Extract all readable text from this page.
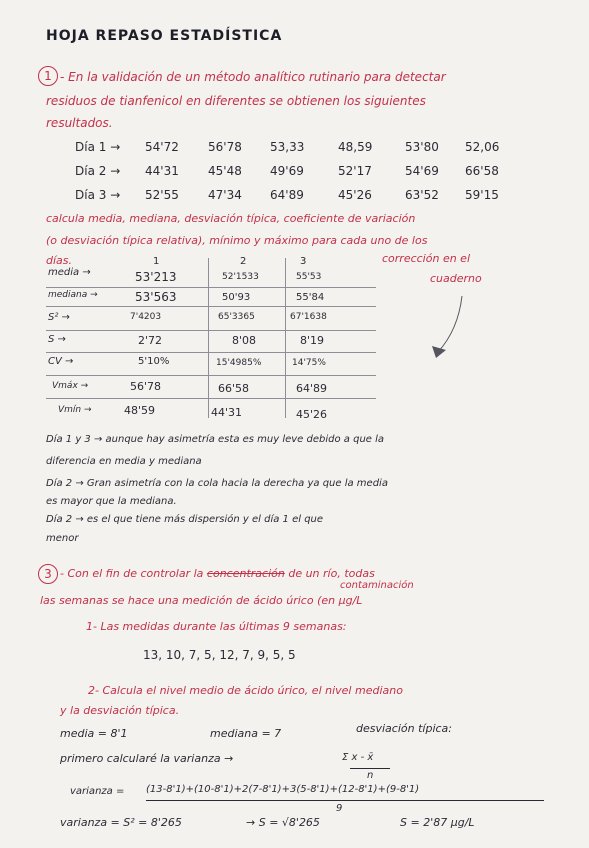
HOJA REPASO ESTADÍSTICA
1 - En la validación de un método analítico rutinario para detectar
residuos de tianfenicol en diferentes se obtienen los siguientes
resultados.
Día 1 → 54'72 56'78 53,33	48,59	53'80 52,06
Día 2 → 44'31 45'48 49'69	52'17	54'69 66'58
Día 3 → 52'55 47'34 64'89	45'26	63'52 59'15
calcula media, mediana, desviación típica, coeficiente de variación
(o desviación típica relativa), mínimo y máximo para cada uno de los
días.	corrección en el
cuaderno
1	2	3
media →	53'213	52'1533	55'53
mediana →	53'563	50'93	55'84
S² →	7'4203	65'3365	67'1638
S →	2'72	8'08	8'19
CV →	5'10%	15'4985%	14'75%
Vmáx →	56'78	66'58	64'89
Vmín →	48'59	44'31	45'26
Día 1 y 3 → aunque hay asimetría esta es muy leve debido a que la
diferencia en media y mediana
Día 2 → Gran asimetría con la cola hacia la derecha ya que la media
es mayor que la mediana.
Día 2 → es el que tiene más dispersión y el día 1 el que
menor
3 - Con el fin de controlar la concentración de un río, todas
contaminación
las semanas se hace una medición de ácido úrico (en μg/L
1- Las medidas durante las últimas 9 semanas:
13, 10, 7, 5, 12, 7, 9, 5, 5
2- Calcula el nivel medio de ácido úrico, el nivel mediano
y la desviación típica.
media = 8'1	mediana = 7	desviación típica:
primero calcularé la varianza →	Σ x - x̄
n
varianza = (13-8'1)+(10-8'1)+2(7-8'1)+3(5-8'1)+(12-8'1)+(9-8'1)
9
varianza = S² = 8'265	→ S = √8'265	S = 2'87 μg/L
